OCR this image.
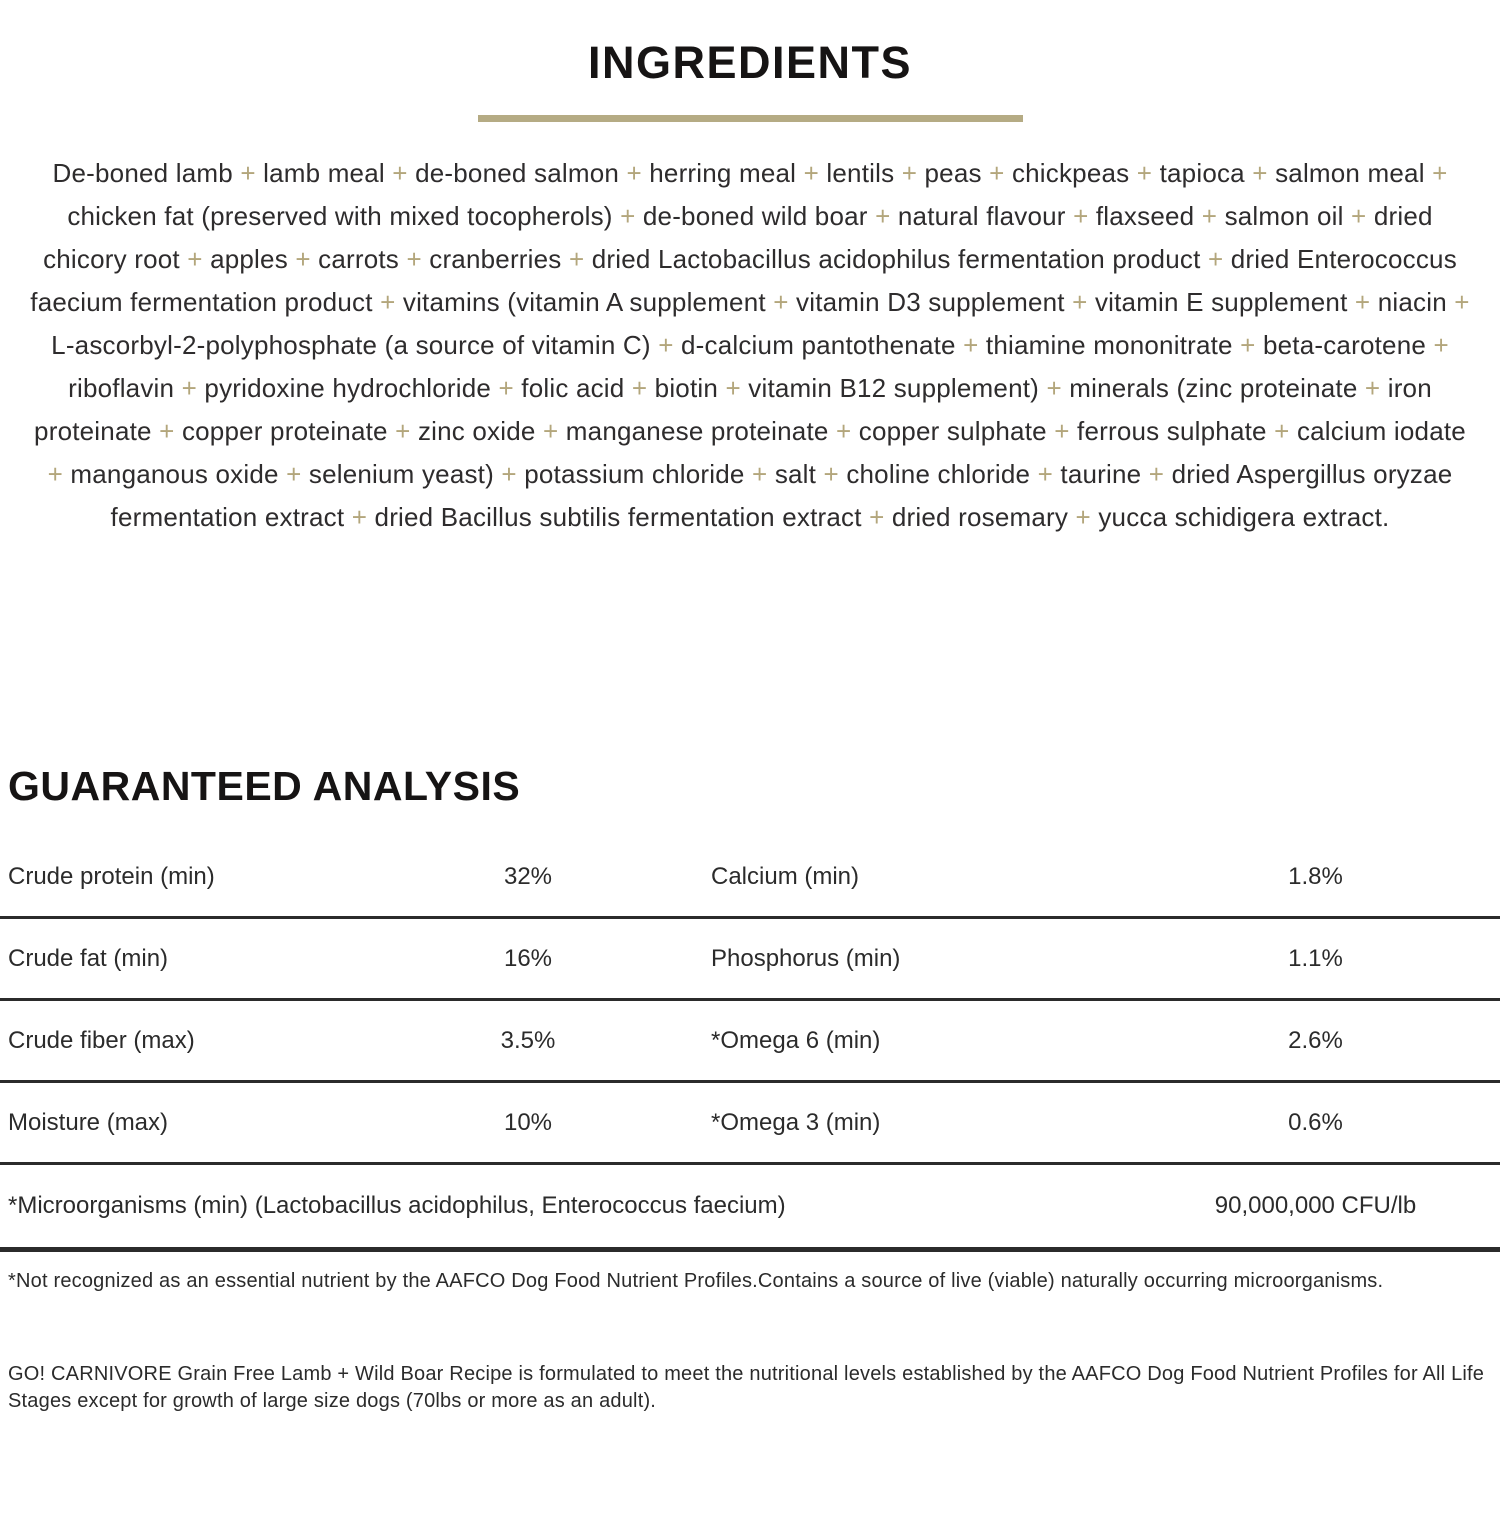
INGREDIENTS

De-boned lamb + lamb meal + de-boned salmon + herring meal + lentils + peas + chickpeas + tapioca + salmon meal + chicken fat (preserved with mixed tocopherols) + de-boned wild boar + natural flavour + flaxseed + salmon oil + dried chicory root + apples + carrots + cranberries + dried Lactobacillus acidophilus fermentation product + dried Enterococcus faecium fermentation product + vitamins (vitamin A supplement + vitamin D3 supplement + vitamin E supplement + niacin + L-ascorbyl-2-polyphosphate (a source of vitamin C) + d-calcium pantothenate + thiamine mononitrate + beta-carotene + riboflavin + pyridoxine hydrochloride + folic acid + biotin + vitamin B12 supplement) + minerals (zinc proteinate + iron proteinate + copper proteinate + zinc oxide + manganese proteinate + copper sulphate + ferrous sulphate + calcium iodate + manganous oxide + selenium yeast) + potassium chloride + salt + choline chloride + taurine + dried Aspergillus oryzae fermentation extract + dried Bacillus subtilis fermentation extract + dried rosemary + yucca schidigera extract.

GUARANTEED ANALYSIS
Crude protein (min)	32%	Calcium (min)	1.8%
Crude fat (min)	16%	Phosphorus (min)	1.1%
Crude fiber (max)	3.5%	*Omega 6 (min)	2.6%
Moisture (max)	10%	*Omega 3 (min)	0.6%
*Microorganisms (min) (Lactobacillus acidophilus, Enterococcus faecium)	90,000,000 CFU/lb

*Not recognized as an essential nutrient by the AAFCO Dog Food Nutrient Profiles.Contains a source of live (viable) naturally occurring microorganisms.

GO! CARNIVORE Grain Free Lamb + Wild Boar Recipe is formulated to meet the nutritional levels established by the AAFCO Dog Food Nutrient Profiles for All Life Stages except for growth of large size dogs (70lbs or more as an adult).
